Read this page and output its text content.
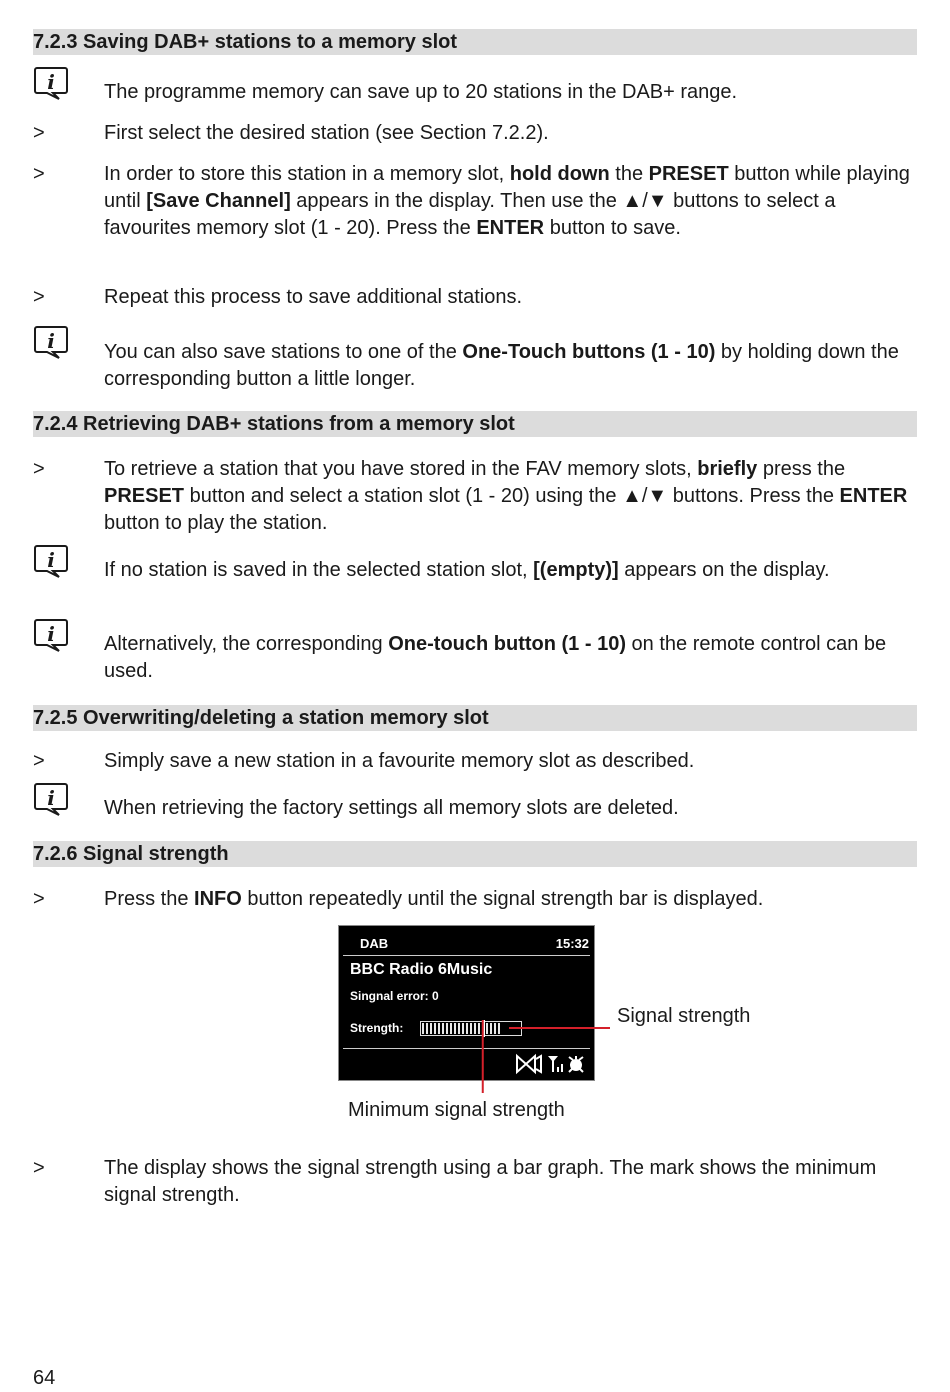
7.2.3 Saving DAB+ stations to a memory slot
i The programme memory can save up to 20 stations in the DAB+ range.
>	First select the desired station (see Section 7.2.2).
>	In order to store this station in a memory slot, hold down the PRESET button while playing until [Save Channel] appears in the display. Then use the ▲/▼ buttons to select a favourites memory slot (1 - 20). Press the ENTER button to save.
>	Repeat this process to save additional stations.
i You can also save stations to one of the One-Touch buttons (1 - 10) by holding down the corresponding button a little longer.
7.2.4 Retrieving DAB+ stations from a memory slot
>	To retrieve a station that you have stored in the FAV memory slots, briefly press the PRESET button and select a station slot (1 - 20) using the ▲/▼ buttons. Press the ENTER button to play the station.
i If no station is saved in the selected station slot, [(empty)] appears on the display.
i Alternatively, the corresponding One-touch button (1 - 10) on the remote control can be used.
7.2.5 Overwriting/deleting a station memory slot
>	Simply save a new station in a favourite memory slot as described.
i When retrieving the factory settings all memory slots are deleted.
7.2.6 Signal strength
>	Press the INFO button repeatedly until the signal strength bar is displayed.
DAB	15:32
BBC Radio 6Music
Singnal error: 0
Strength:
Signal strength
Minimum signal strength
>	The display shows the signal strength using a bar graph. The mark shows the minimum signal strength.
64
